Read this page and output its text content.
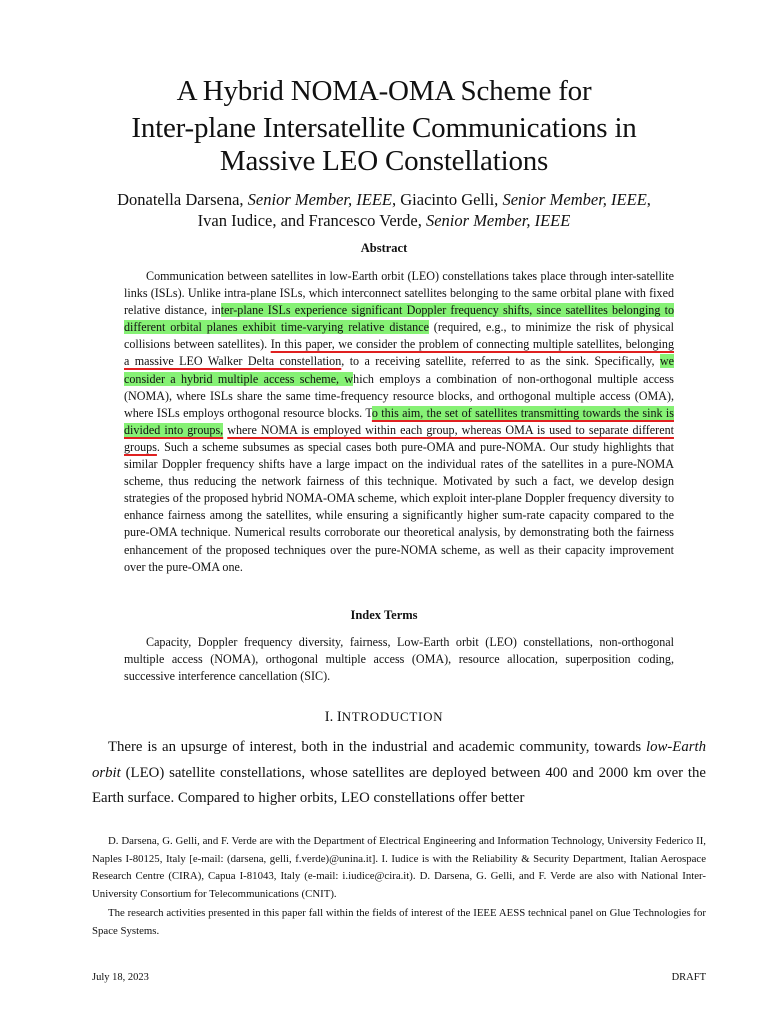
A Hybrid NOMA-OMA Scheme for
Inter-plane Intersatellite Communications in
Massive LEO Constellations
Donatella Darsena, Senior Member, IEEE, Giacinto Gelli, Senior Member, IEEE,
Ivan Iudice, and Francesco Verde, Senior Member, IEEE
Abstract

Communication between satellites in low-Earth orbit (LEO) constellations takes place through inter-satellite links (ISLs). Unlike intra-plane ISLs, which interconnect satellites belonging to the same orbital plane with fixed relative distance, inter-plane ISLs experience significant Doppler frequency shifts, since satellites belonging to different orbital planes exhibit time-varying relative distance (required, e.g., to minimize the risk of physical collisions between satellites). In this paper, we consider the problem of connecting multiple satellites, belonging a massive LEO Walker Delta constellation, to a receiving satellite, referred to as the sink. Specifically, we consider a hybrid multiple access scheme, which employs a combination of non-orthogonal multiple access (NOMA), where ISLs share the same time-frequency resource blocks, and orthogonal multiple access (OMA), where ISLs employs orthogonal resource blocks. To this aim, the set of satellites transmitting towards the sink is divided into groups, where NOMA is employed within each group, whereas OMA is used to separate different groups. Such a scheme subsumes as special cases both pure-OMA and pure-NOMA. Our study highlights that similar Doppler frequency shifts have a large impact on the individual rates of the satellites in a pure-NOMA scheme, thus reducing the network fairness of this technique. Motivated by such a fact, we develop design strategies of the proposed hybrid NOMA-OMA scheme, which exploit inter-plane Doppler frequency diversity to enhance fairness among the satellites, while ensuring a significantly higher sum-rate capacity compared to the pure-OMA technique. Numerical results corroborate our theoretical analysis, by demonstrating both the fairness enhancement of the proposed techniques over the pure-NOMA scheme, as well as their capacity improvement over the pure-OMA one.

Index Terms

Capacity, Doppler frequency diversity, fairness, Low-Earth orbit (LEO) constellations, non-orthogonal multiple access (NOMA), orthogonal multiple access (OMA), resource allocation, superposition coding, successive interference cancellation (SIC).

I. INTRODUCTION

There is an upsurge of interest, both in the industrial and academic community, towards low-Earth orbit (LEO) satellite constellations, whose satellites are deployed between 400 and 2000 km over the Earth surface. Compared to higher orbits, LEO constellations offer better

D. Darsena, G. Gelli, and F. Verde are with the Department of Electrical Engineering and Information Technology, University Federico II, Naples I-80125, Italy [e-mail: (darsena, gelli, f.verde)@unina.it]. I. Iudice is with the Reliability & Security Department, Italian Aerospace Research Centre (CIRA), Capua I-81043, Italy (e-mail: i.iudice@cira.it). D. Darsena, G. Gelli, and F. Verde are also with National Inter-University Consortium for Telecommunications (CNIT).

The research activities presented in this paper fall within the fields of interest of the IEEE AESS technical panel on Glue Technologies for Space Systems.

July 18, 2023	DRAFT
